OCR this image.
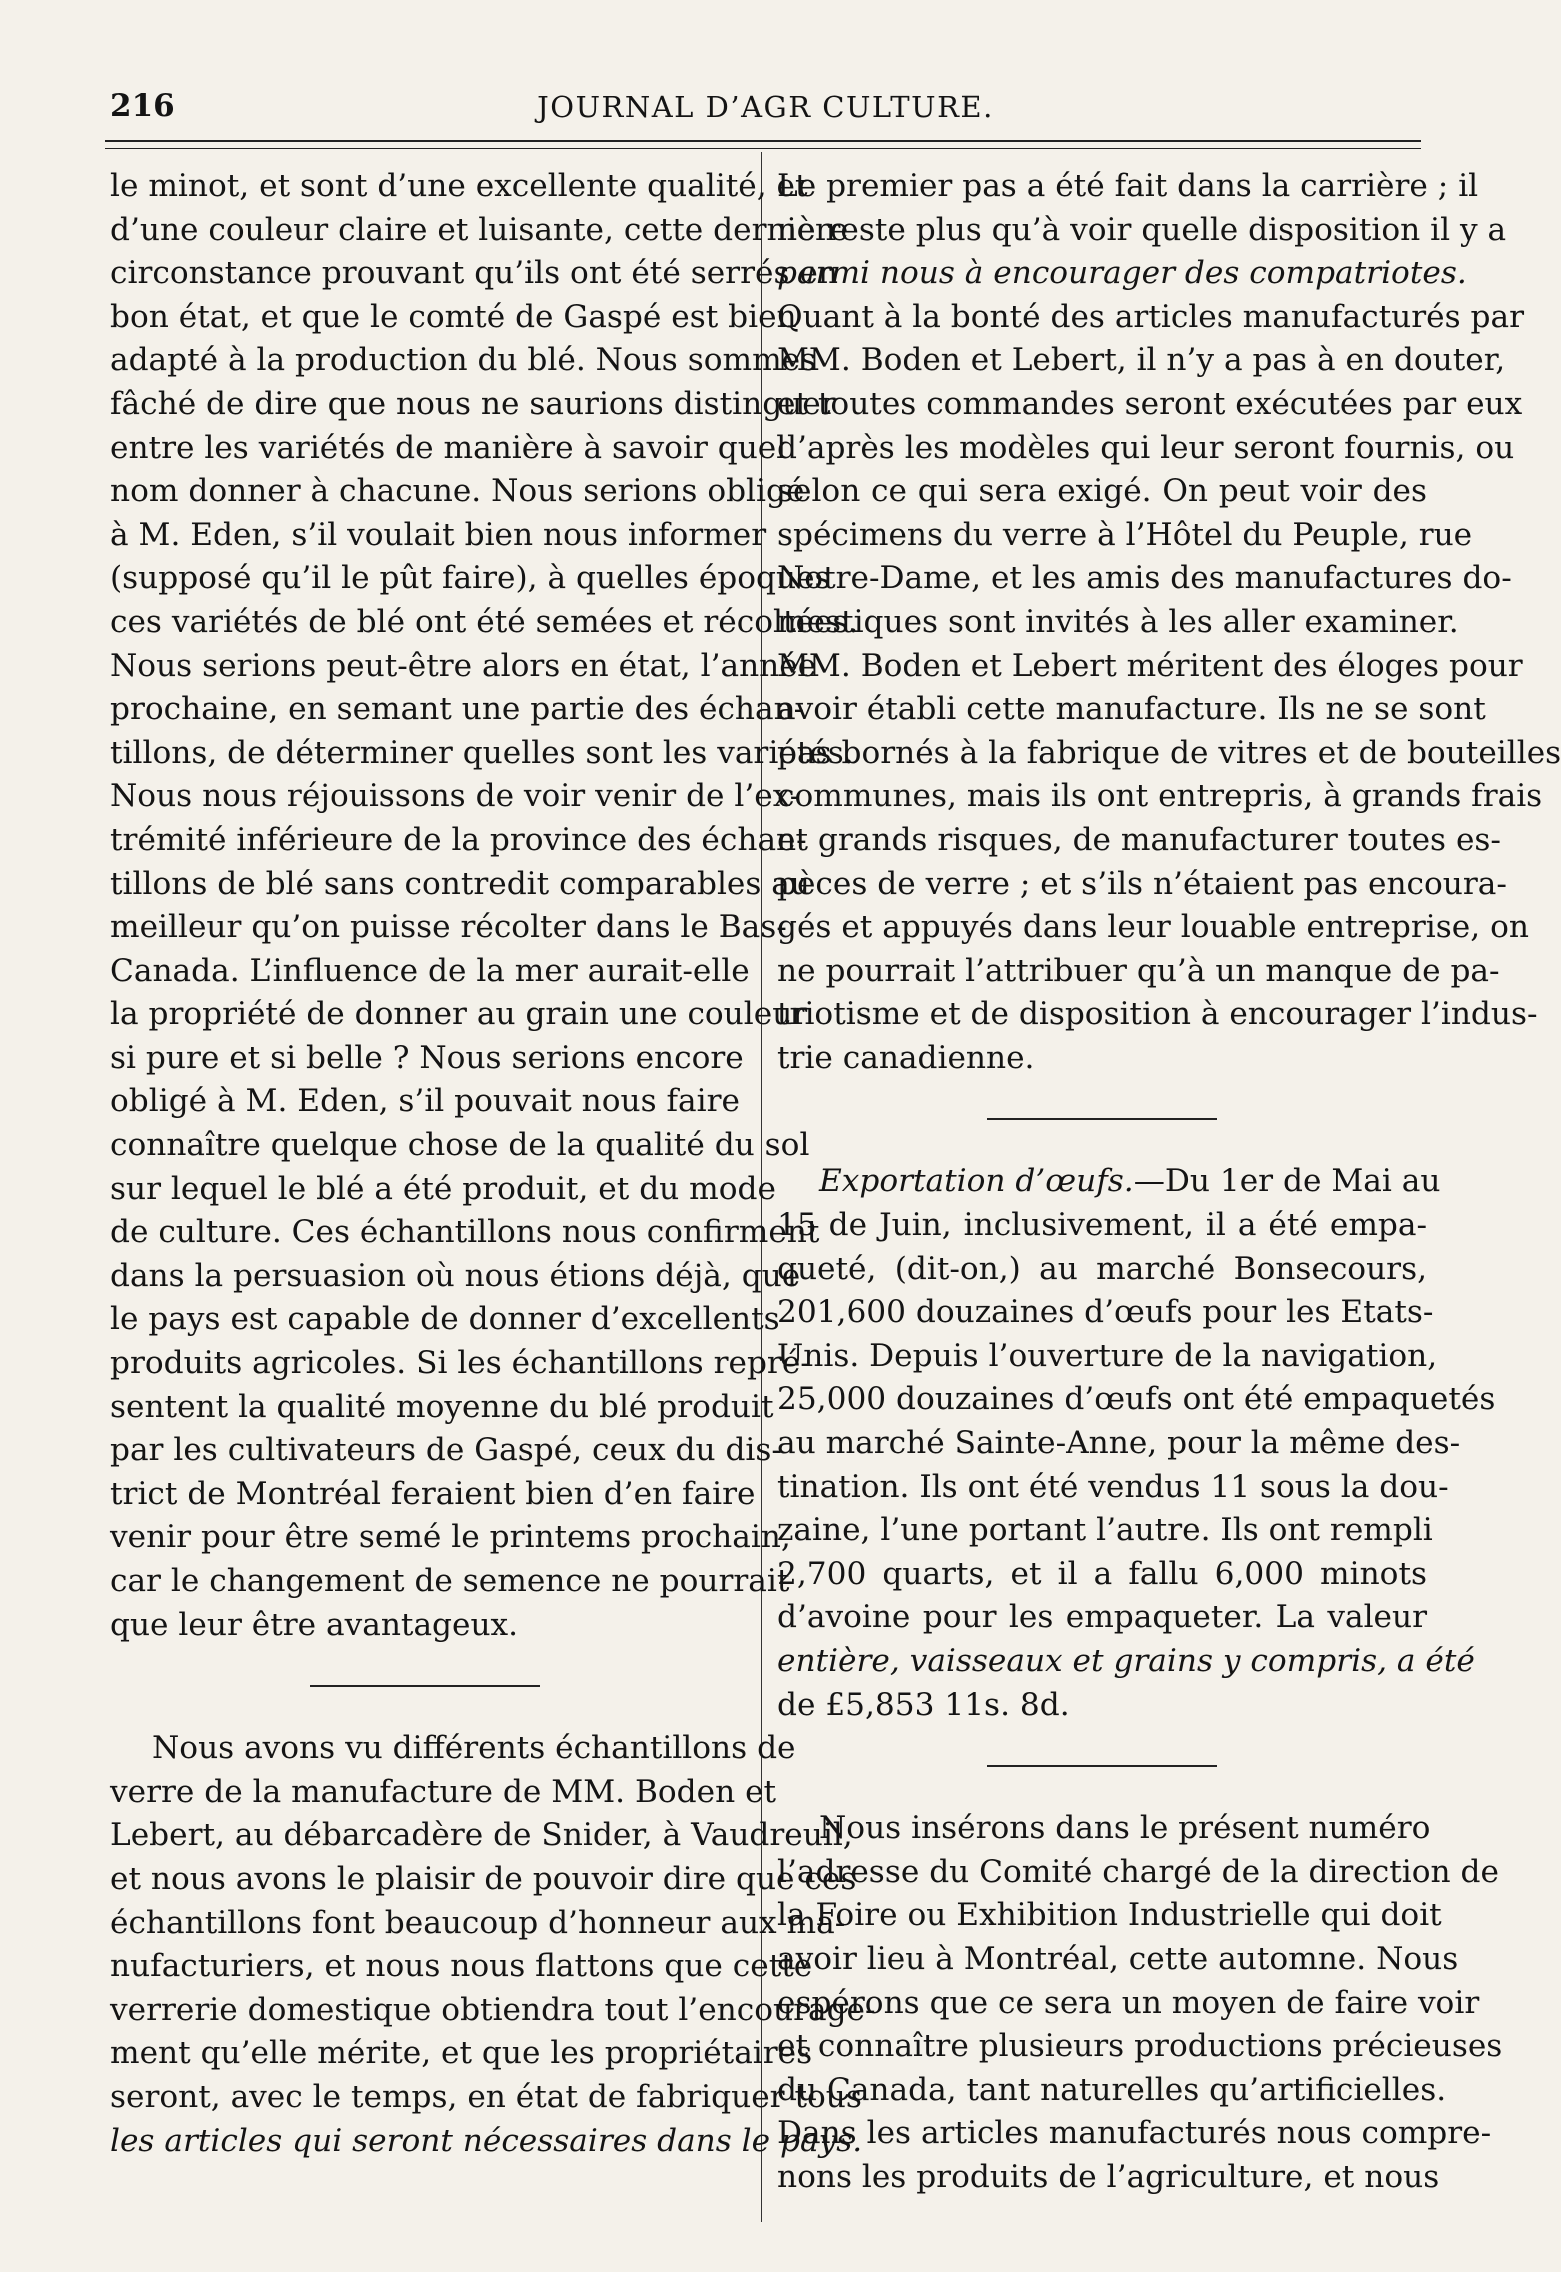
216	JOURNAL D’AGR CULTURE.
le minot, et sont d’une excellente qualité, et
d’une couleur claire et luisante, cette dernière
circonstance prouvant qu’ils ont été serrés en
bon état, et que le comté de Gaspé est bien
adapté à la production du blé. Nous sommes
fâché de dire que nous ne saurions distinguer
entre les variétés de manière à savoir quel
nom donner à chacune. Nous serions obligé
à M. Eden, s’il voulait bien nous informer
(supposé qu’il le pût faire), à quelles époques
ces variétés de blé ont été semées et récoltées.
Nous serions peut-être alors en état, l’année
prochaine, en semant une partie des échan-
tillons, de déterminer quelles sont les variétés.
Nous nous réjouissons de voir venir de l’ex-
trémité inférieure de la province des échan-
tillons de blé sans contredit comparables au
meilleur qu’on puisse récolter dans le Bas-
Canada. L’influence de la mer aurait-elle
la propriété de donner au grain une couleur
si pure et si belle ? Nous serions encore
obligé à M. Eden, s’il pouvait nous faire
connaître quelque chose de la qualité du sol
sur lequel le blé a été produit, et du mode
de culture. Ces échantillons nous confirment
dans la persuasion où nous étions déjà, que
le pays est capable de donner d’excellents
produits agricoles. Si les échantillons repré-
sentent la qualité moyenne du blé produit
par les cultivateurs de Gaspé, ceux du dis-
trict de Montréal feraient bien d’en faire
venir pour être semé le printems prochain,
car le changement de semence ne pourrait
que leur être avantageux.
Nous avons vu différents échantillons de
verre de la manufacture de MM. Boden et
Lebert, au débarcadère de Snider, à Vaudreuil,
et nous avons le plaisir de pouvoir dire que ces
échantillons font beaucoup d’honneur aux ma-
nufacturiers, et nous nous flattons que cette
verrerie domestique obtiendra tout l’encourage-
ment qu’elle mérite, et que les propriétaires
seront, avec le temps, en état de fabriquer tous
les articles qui seront nécessaires dans le pays.
Le premier pas a été fait dans la carrière ; il
ne reste plus qu’à voir quelle disposition il y a
parmi nous à encourager des compatriotes.
Quant à la bonté des articles manufacturés par
MM. Boden et Lebert, il n’y a pas à en douter,
et toutes commandes seront exécutées par eux
d’après les modèles qui leur seront fournis, ou
selon ce qui sera exigé. On peut voir des
spécimens du verre à l’Hôtel du Peuple, rue
Notre-Dame, et les amis des manufactures do-
mestiques sont invités à les aller examiner.
MM. Boden et Lebert méritent des éloges pour
avoir établi cette manufacture. Ils ne se sont
pas bornés à la fabrique de vitres et de bouteilles
communes, mais ils ont entrepris, à grands frais
et grands risques, de manufacturer toutes es-
pèces de verre ; et s’ils n’étaient pas encoura-
gés et appuyés dans leur louable entreprise, on
ne pourrait l’attribuer qu’à un manque de pa-
triotisme et de disposition à encourager l’indus-
trie canadienne.
Exportation d’œufs.—Du 1er de Mai au
15 de Juin, inclusivement, il a été empa-
queté, (dit-on,) au marché Bonsecours,
201,600 douzaines d’œufs pour les Etats-
Unis. Depuis l’ouverture de la navigation,
25,000 douzaines d’œufs ont été empaquetés
au marché Sainte-Anne, pour la même des-
tination. Ils ont été vendus 11 sous la dou-
zaine, l’une portant l’autre. Ils ont rempli
2,700 quarts, et il a fallu 6,000 minots
d’avoine pour les empaqueter. La valeur
entière, vaisseaux et grains y compris, a été
de £5,853 11s. 8d.
Nous insérons dans le présent numéro
l’adresse du Comité chargé de la direction de
la Foire ou Exhibition Industrielle qui doit
avoir lieu à Montréal, cette automne. Nous
espérons que ce sera un moyen de faire voir
et connaître plusieurs productions précieuses
du Canada, tant naturelles qu’artificielles.
Dans les articles manufacturés nous compre-
nons les produits de l’agriculture, et nous
